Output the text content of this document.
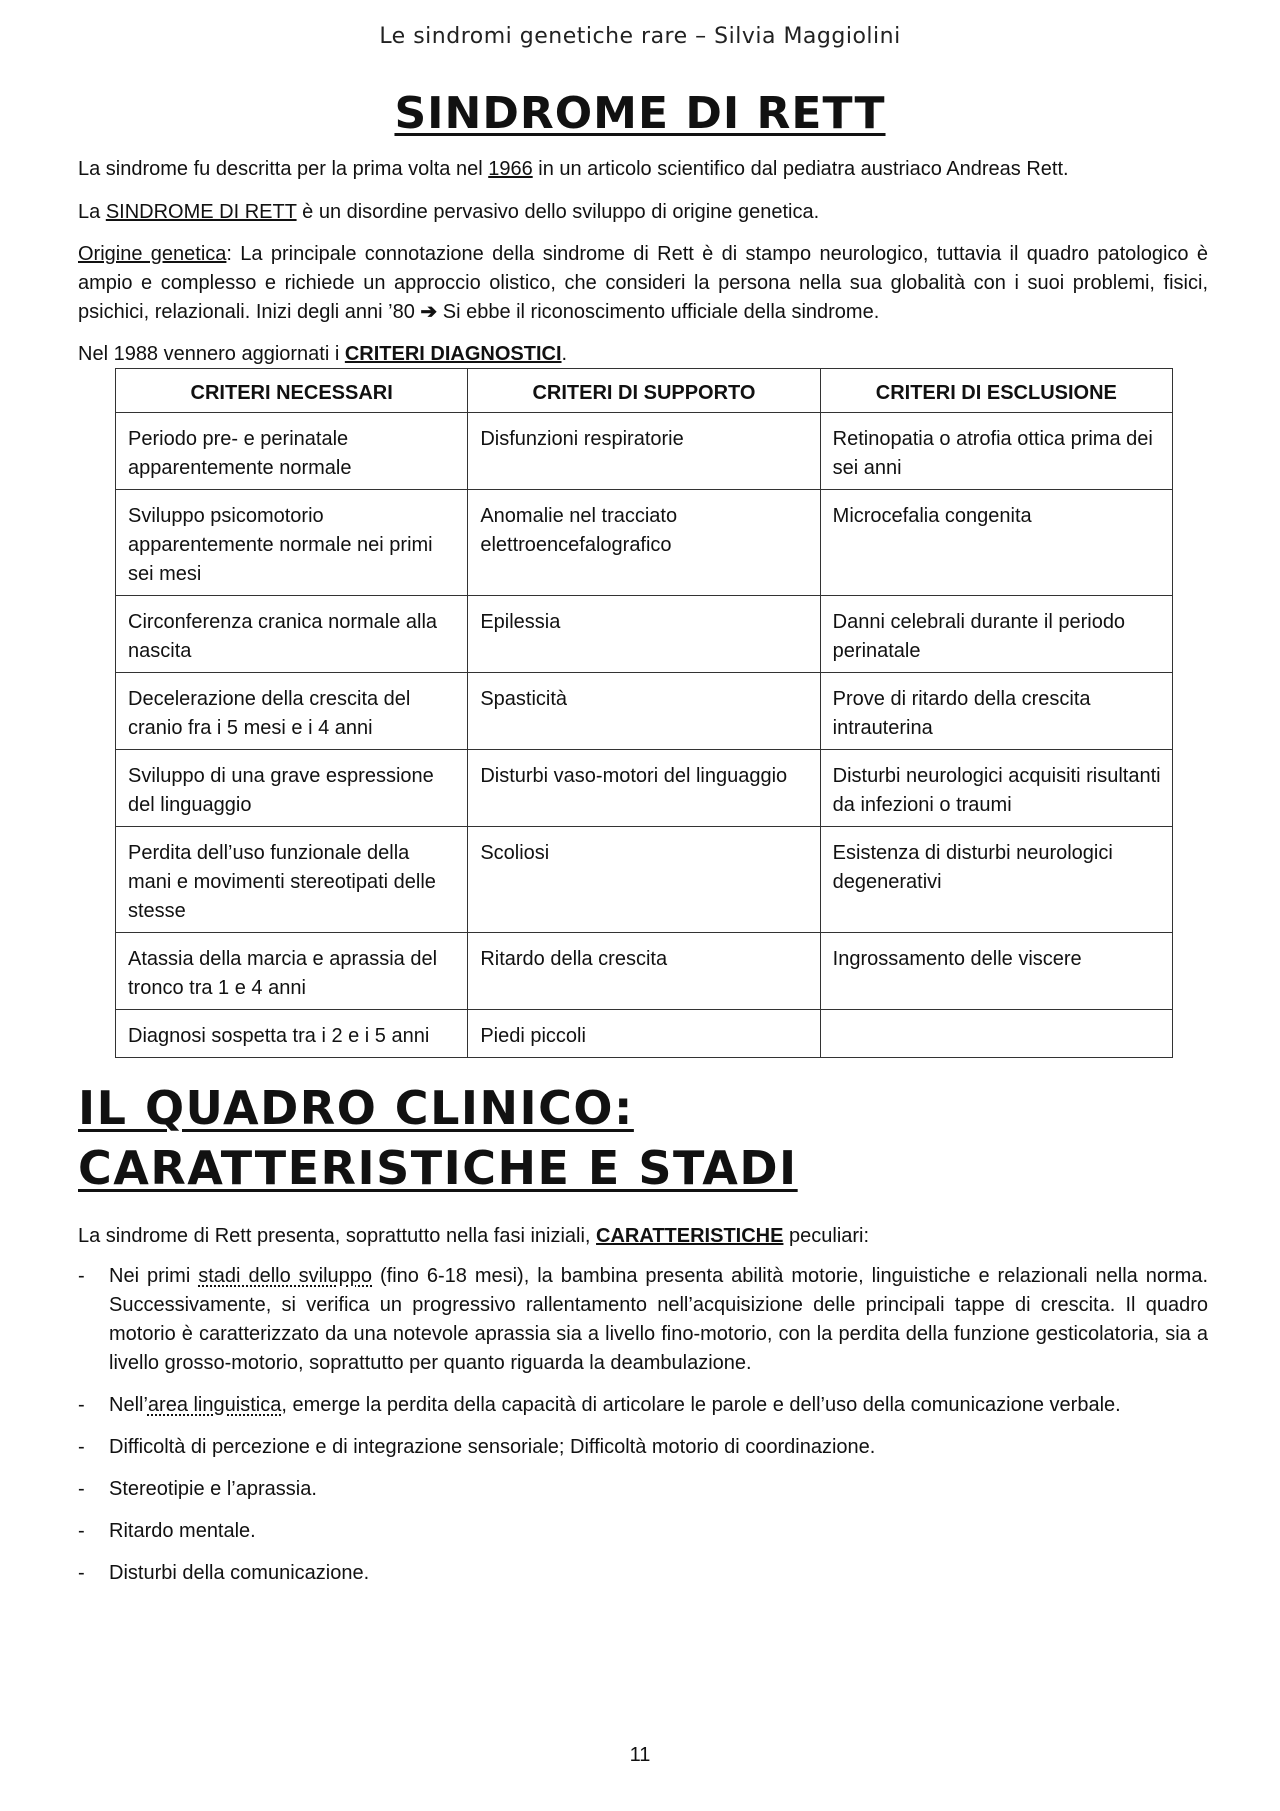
Le sindromi genetiche rare – Silvia Maggiolini
SINDROME DI RETT
La sindrome fu descritta per la prima volta nel 1966 in un articolo scientifico dal pediatra austriaco Andreas Rett.
La SINDROME DI RETT è un disordine pervasivo dello sviluppo di origine genetica.
Origine genetica: La principale connotazione della sindrome di Rett è di stampo neurologico, tuttavia il quadro patologico è ampio e complesso e richiede un approccio olistico, che consideri la persona nella sua globalità con i suoi problemi, fisici, psichici, relazionali. Inizi degli anni ’80 ➔ Si ebbe il riconoscimento ufficiale della sindrome.
Nel 1988 vennero aggiornati i CRITERI DIAGNOSTICI.
CRITERI NECESSARI	CRITERI DI SUPPORTO	CRITERI DI ESCLUSIONE
Periodo pre- e perinatale apparentemente normale	Disfunzioni respiratorie	Retinopatia o atrofia ottica prima dei sei anni
Sviluppo psicomotorio apparentemente normale nei primi sei mesi	Anomalie nel tracciato elettroencefalografico	Microcefalia congenita
Circonferenza cranica normale alla nascita	Epilessia	Danni celebrali durante il periodo perinatale
Decelerazione della crescita del cranio fra i 5 mesi e i 4 anni	Spasticità	Prove di ritardo della crescita intrauterina
Sviluppo di una grave espressione del linguaggio	Disturbi vaso-motori del linguaggio	Disturbi neurologici acquisiti risultanti da infezioni o traumi
Perdita dell’uso funzionale della mani e movimenti stereotipati delle stesse	Scoliosi	Esistenza di disturbi neurologici degenerativi
Atassia della marcia e aprassia del tronco tra 1 e 4 anni	Ritardo della crescita	Ingrossamento delle viscere
Diagnosi sospetta tra i 2 e i 5 anni	Piedi piccoli	
IL QUADRO CLINICO: CARATTERISTICHE E STADI
La sindrome di Rett presenta, soprattutto nella fasi iniziali, CARATTERISTICHE peculiari:
- Nei primi stadi dello sviluppo (fino 6-18 mesi), la bambina presenta abilità motorie, linguistiche e relazionali nella norma. Successivamente, si verifica un progressivo rallentamento nell’acquisizione delle principali tappe di crescita. Il quadro motorio è caratterizzato da una notevole aprassia sia a livello fino-motorio, con la perdita della funzione gesticolatoria, sia a livello grosso-motorio, soprattutto per quanto riguarda la deambulazione.
- Nell’area linguistica, emerge la perdita della capacità di articolare le parole e dell’uso della comunicazione verbale.
- Difficoltà di percezione e di integrazione sensoriale; Difficoltà motorio di coordinazione.
- Stereotipie e l’aprassia.
- Ritardo mentale.
- Disturbi della comunicazione.
11
